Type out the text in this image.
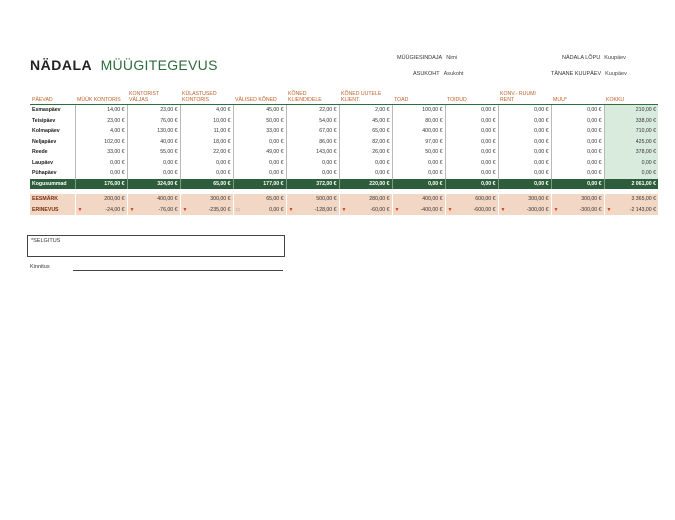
NÄDALA MÜÜGITEGEVUS	MÜÜGIESINDAJA Nimi	NÄDALA LÕPU Kuupäev
ASUKOHT Asukoht	TÄNANE KUUPÄEV Kuupäev
PÄEVAD	MÜÜK KONTORIS	KONTORIST VÄLJAS	KÜLASTUSED KONTORIS	VÄLISED KÕNED	KÕNED KLIENDIDELE	KÕNED UUTELE KLIENT.	TOAD	TOIDUD	KONV.- RUUMI RENT	MUU*	KOKKU
Esmaspäev	14,00 €	23,00 €	4,00 €	45,00 €	22,00 €	2,00 €	100,00 €	0,00 €	0,00 €	0,00 €	210,00 €
Teisipäev	23,00 €	76,00 €	10,00 €	50,00 €	54,00 €	45,00 €	80,00 €	0,00 €	0,00 €	0,00 €	338,00 €
Kolmapäev	4,00 €	130,00 €	11,00 €	33,00 €	67,00 €	65,00 €	400,00 €	0,00 €	0,00 €	0,00 €	710,00 €
Neljapäev	102,00 €	40,00 €	18,00 €	0,00 €	86,00 €	82,00 €	97,00 €	0,00 €	0,00 €	0,00 €	425,00 €
Reede	33,00 €	55,00 €	22,00 €	49,00 €	143,00 €	26,00 €	50,00 €	0,00 €	0,00 €	0,00 €	378,00 €
Laupäev	0,00 €	0,00 €	0,00 €	0,00 €	0,00 €	0,00 €	0,00 €	0,00 €	0,00 €	0,00 €	0,00 €
Pühapäev	0,00 €	0,00 €	0,00 €	0,00 €	0,00 €	0,00 €	0,00 €	0,00 €	0,00 €	0,00 €	0,00 €
Kogusummad	176,00 €	324,00 €	65,00 €	177,00 €	372,00 €	220,00 €	0,00 €	0,00 €	0,00 €	0,00 €	2 061,00 €
EESMÄRK	200,00 €	400,00 €	300,00 €	65,00 €	500,00 €	280,00 €	400,00 €	600,00 €	300,00 €	300,00 €	3 365,00 €
ERINEVUS	▼ -24,00 €	▼ -76,00 €	▼ -235,00 €	▭ 0,00 €	▼ -128,00 €	▼ -60,00 €	▼ -400,00 €	▼ -600,00 €	▼ -300,00 €	▼ -300,00 €	▼ -2 143,00 €
*SELGITUS
Kinnitus
